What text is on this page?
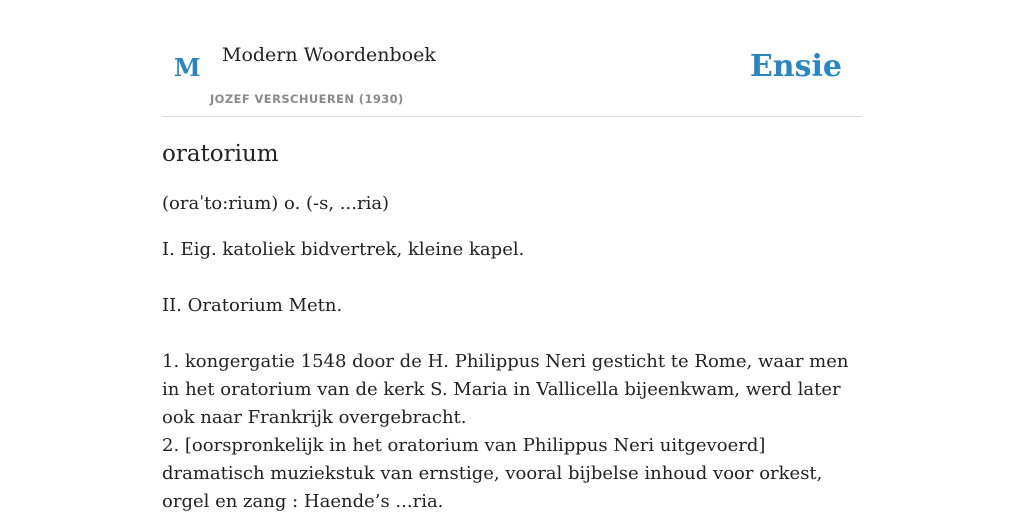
M Modern Woordenboek
JOZEF VERSCHUEREN (1930)
Ensie
oratorium

(oraˈto:rium) o. (-s, ...ria)

I. Eig. katoliek bidvertrek, kleine kapel.

II. Oratorium Metn.

1. kongergatie 1548 door de H. Philippus Neri gesticht te Rome, waar men in het oratorium van de kerk S. Maria in Vallicella bijeenkwam, werd later ook naar Frankrijk overgebracht.

2. [oorspronkelijk in het oratorium van Philippus Neri uitgevoerd] dramatisch muziekstuk van ernstige, vooral bijbelse inhoud voor orkest, orgel en zang : Haende’s ...ria.
